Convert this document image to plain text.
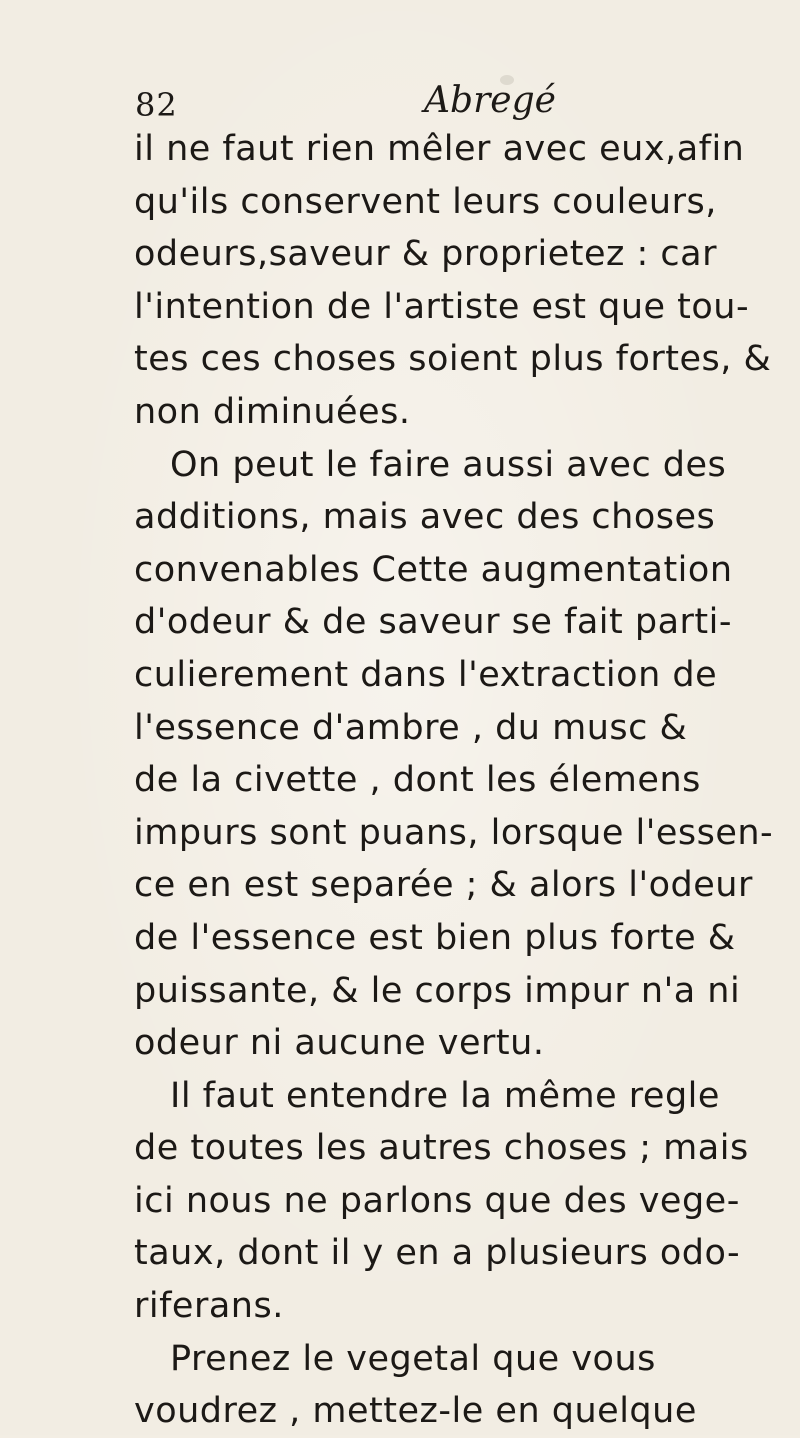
82	Abregé
il ne faut rien mêler avec eux,afin
qu'ils conservent leurs couleurs,
odeurs,saveur & proprietez : car
l'intention de l'artiste est que tou-
tes ces choses soient plus fortes, &
non diminuées.
On peut le faire aussi avec des
additions, mais avec des choses
convenables Cette augmentation
d'odeur & de saveur se fait parti-
culierement dans l'extraction de
l'essence d'ambre , du musc &
de la civette , dont les élemens
impurs sont puans, lorsque l'essen-
ce en est separée ; & alors l'odeur
de l'essence est bien plus forte &
puissante, & le corps impur n'a ni
odeur ni aucune vertu.
Il faut entendre la même regle
de toutes les autres choses ; mais
ici nous ne parlons que des vege-
taux, dont il y en a plusieurs odo-
riferans.
Prenez le vegetal que vous
voudrez , mettez-le en quelque
